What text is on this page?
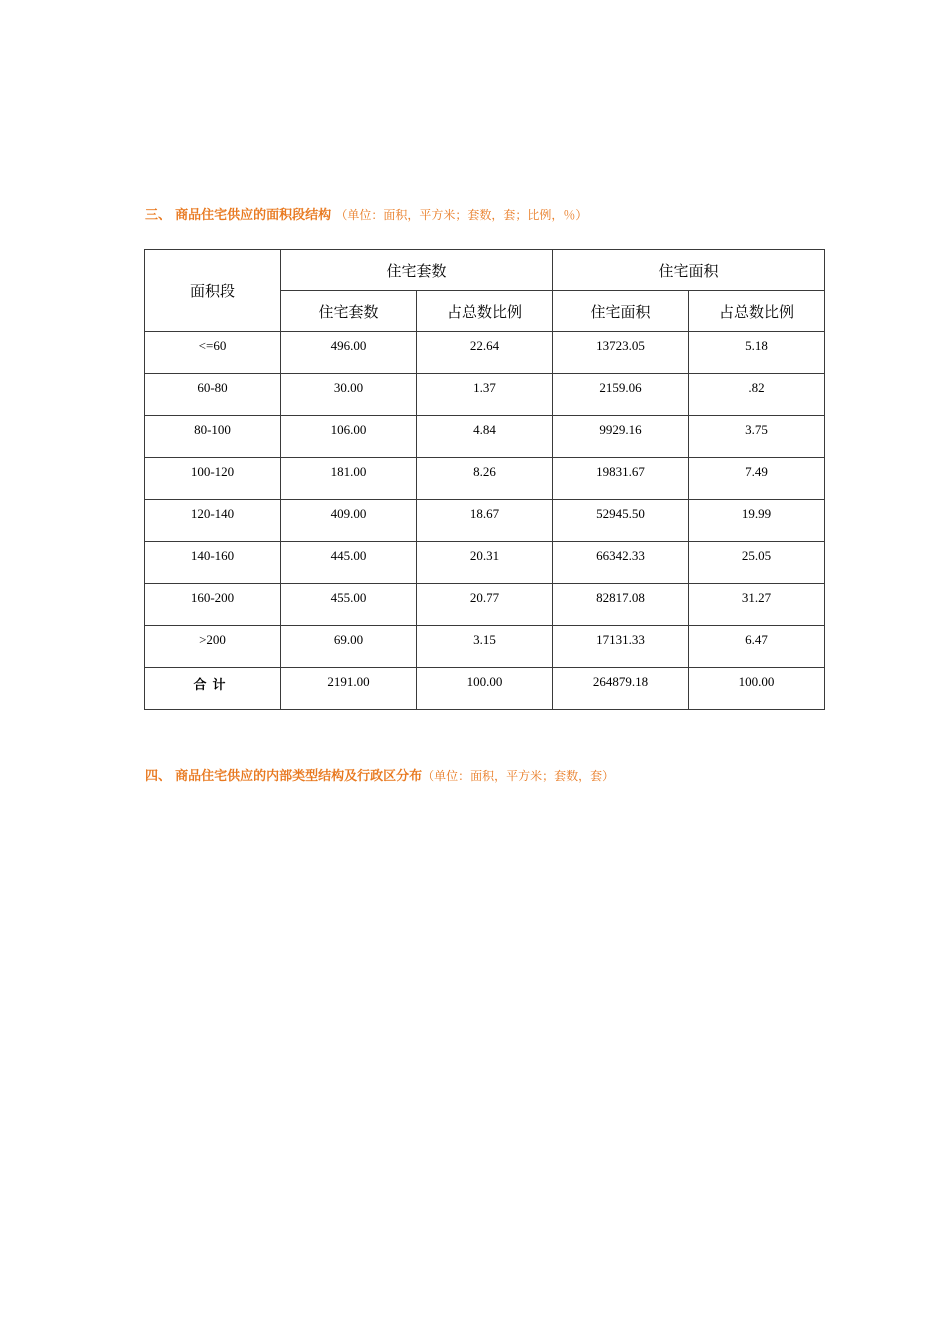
三、 商品住宅供应的面积段结构 （单位：面积，平方米；套数，套；比例，％）
面积段	住宅套数		住宅面积	
	住宅套数	占总数比例	住宅面积	占总数比例
<=60	496.00	22.64	13723.05	5.18
60-80	30.00	1.37	2159.06	.82
80-100	106.00	4.84	9929.16	3.75
100-120	181.00	8.26	19831.67	7.49
120-140	409.00	18.67	52945.50	19.99
140-160	445.00	20.31	66342.33	25.05
160-200	455.00	20.77	82817.08	31.27
>200	69.00	3.15	17131.33	6.47
合计	2191.00	100.00	264879.18	100.00
四、 商品住宅供应的内部类型结构及行政区分布（单位：面积，平方米；套数，套）
